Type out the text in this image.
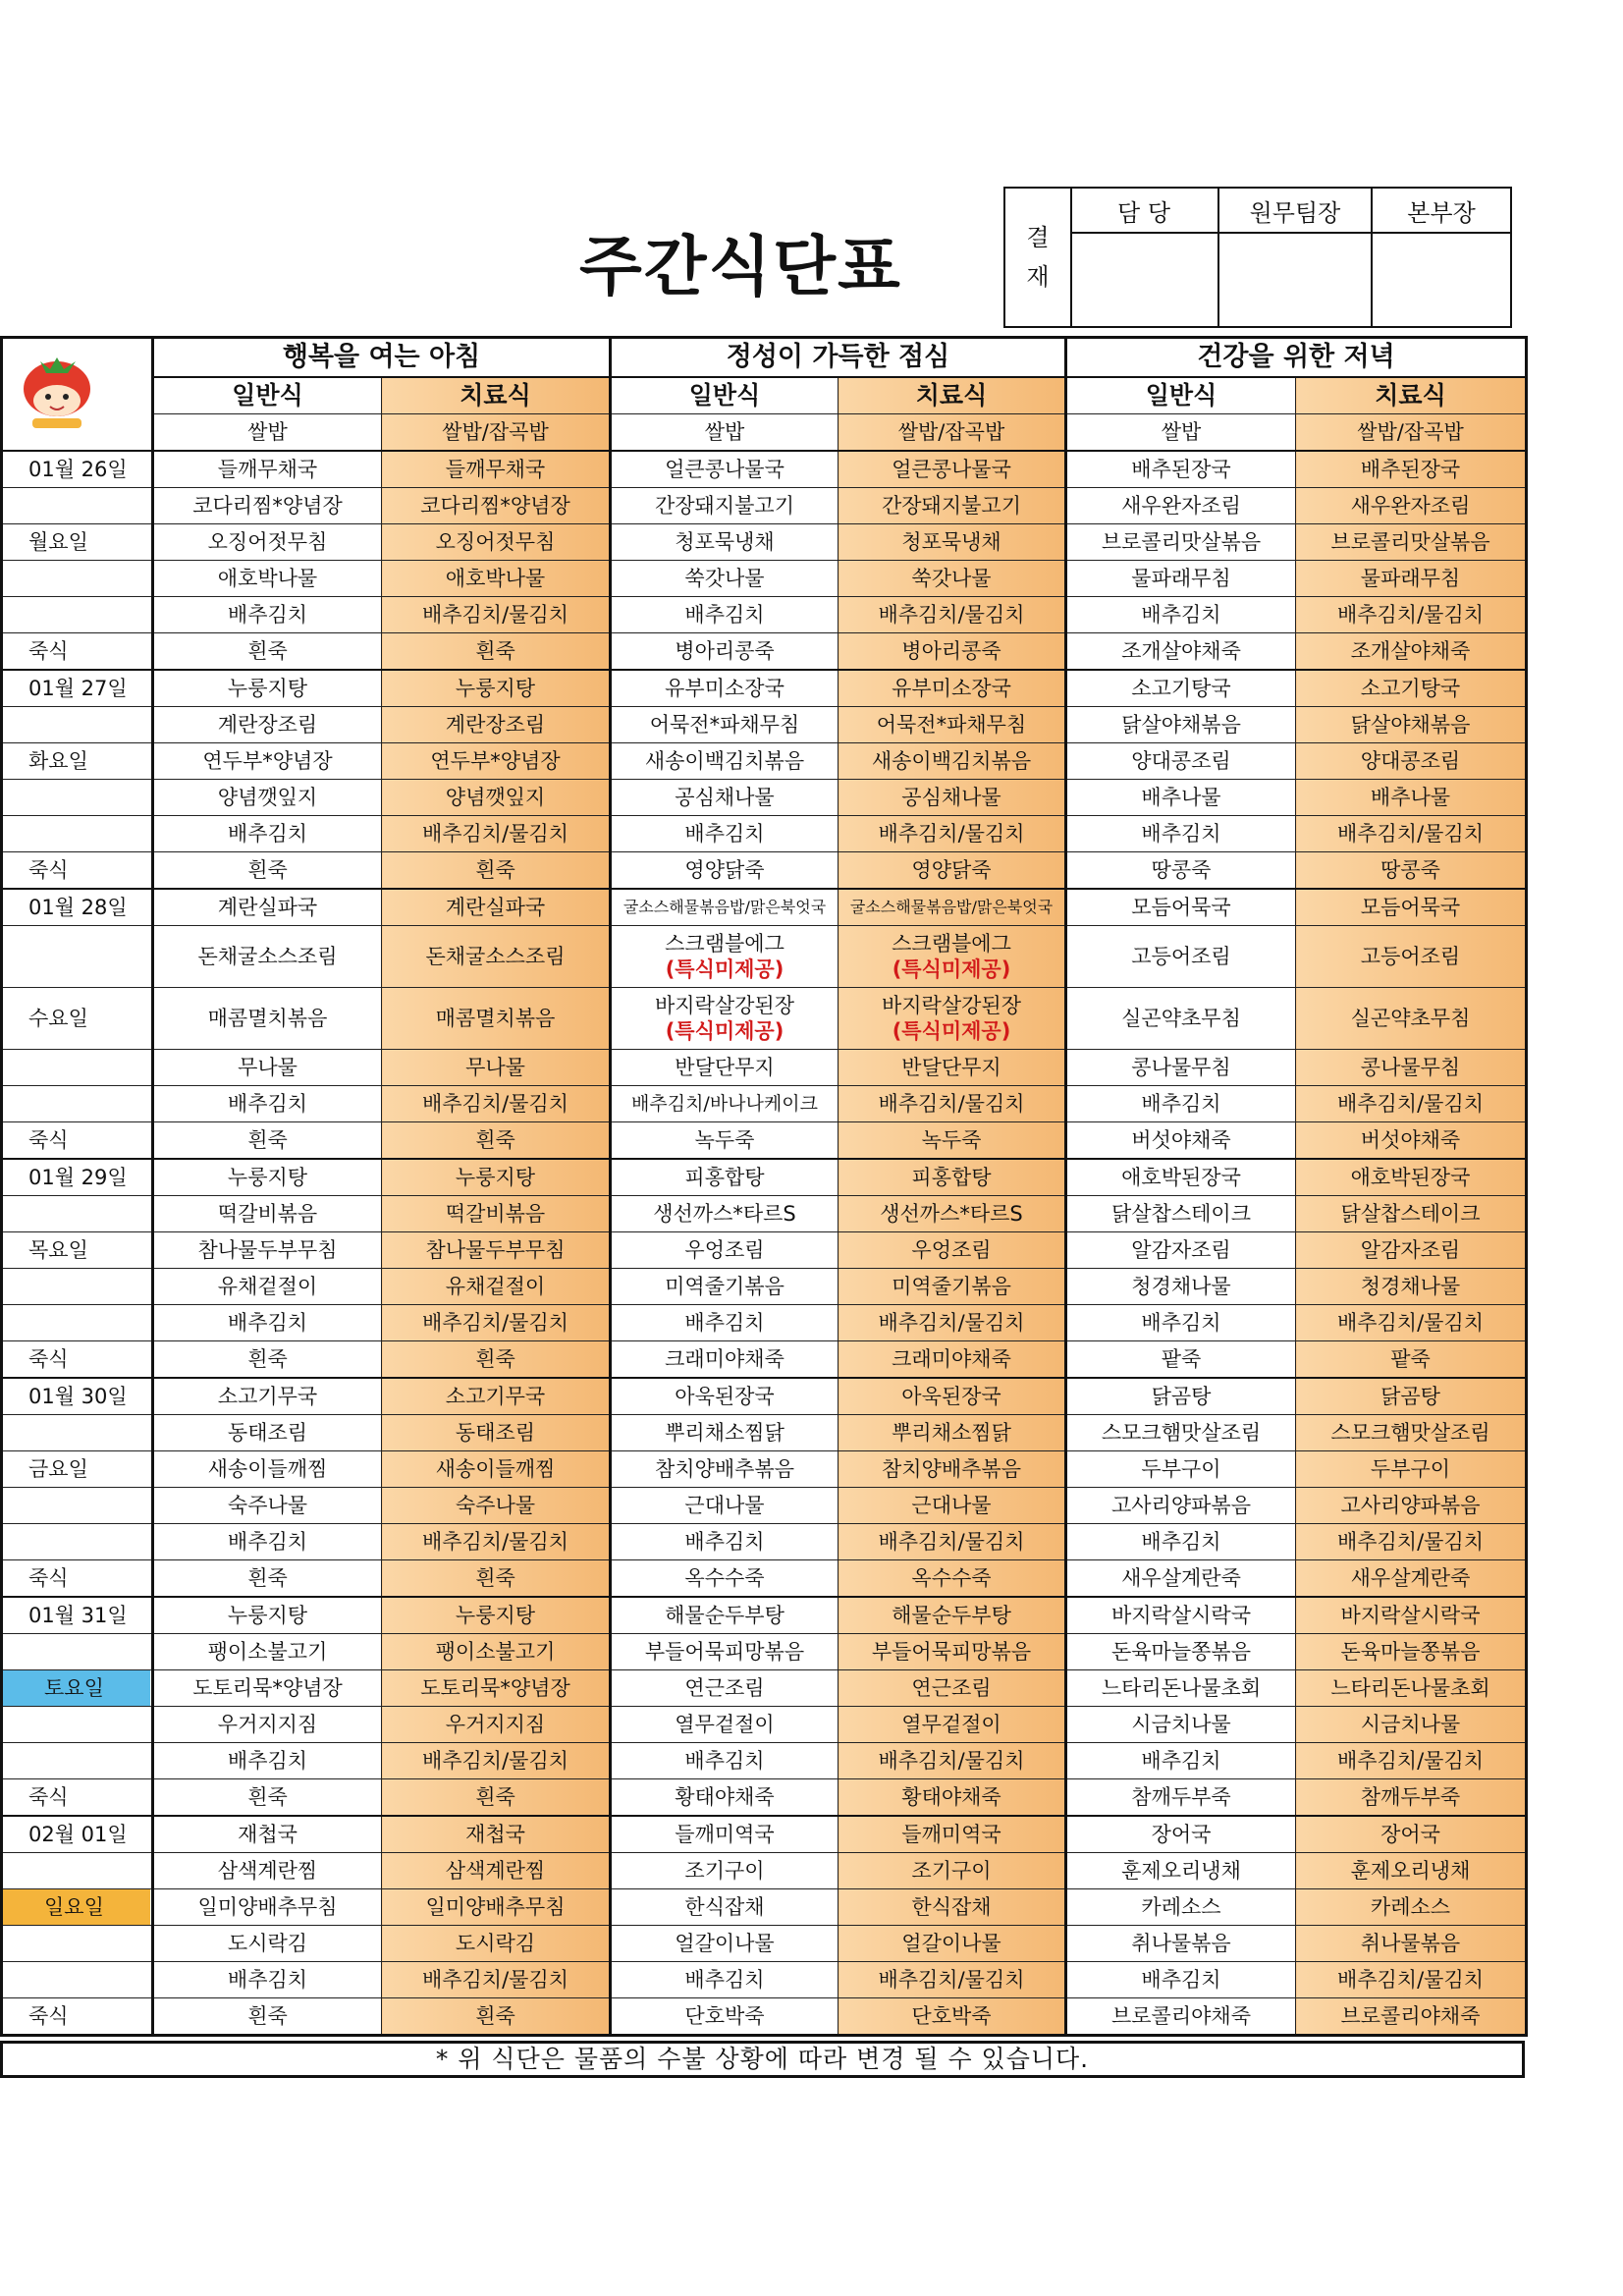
주간식단표	결
재
담 당	원무팀장	본부장
	행복을 여는 아침		정성이 가득한 점심		건강을 위한 저녁	
	일반식	치료식	일반식	치료식	일반식	치료식
	쌀밥	쌀밥/잡곡밥	쌀밥	쌀밥/잡곡밥	쌀밥	쌀밥/잡곡밥
01월 26일	들깨무채국	들깨무채국	얼큰콩나물국	얼큰콩나물국	배추된장국	배추된장국
	코다리찜*양념장	코다리찜*양념장	간장돼지불고기	간장돼지불고기	새우완자조림	새우완자조림
월요일	오징어젓무침	오징어젓무침	청포묵냉채	청포묵냉채	브로콜리맛살볶음	브로콜리맛살볶음
	애호박나물	애호박나물	쑥갓나물	쑥갓나물	물파래무침	물파래무침
	배추김치	배추김치/물김치	배추김치	배추김치/물김치	배추김치	배추김치/물김치
죽식	흰죽	흰죽	병아리콩죽	병아리콩죽	조개살야채죽	조개살야채죽
01월 27일	누룽지탕	누룽지탕	유부미소장국	유부미소장국	소고기탕국	소고기탕국
	계란장조림	계란장조림	어묵전*파채무침	어묵전*파채무침	닭살야채볶음	닭살야채볶음
화요일	연두부*양념장	연두부*양념장	새송이백김치볶음	새송이백김치볶음	양대콩조림	양대콩조림
	양념깻잎지	양념깻잎지	공심채나물	공심채나물	배추나물	배추나물
	배추김치	배추김치/물김치	배추김치	배추김치/물김치	배추김치	배추김치/물김치
죽식	흰죽	흰죽	영양닭죽	영양닭죽	땅콩죽	땅콩죽
01월 28일	계란실파국	계란실파국	굴소스해물볶음밥/맑은북엇국	굴소스해물볶음밥/맑은북엇국	모듬어묵국	모듬어묵국
	돈채굴소스조림	돈채굴소스조림	스크램블에그
(특식미제공)	스크램블에그
(특식미제공)	고등어조림	고등어조림
수요일	매콤멸치볶음	매콤멸치볶음	바지락살강된장
(특식미제공)	바지락살강된장
(특식미제공)	실곤약초무침	실곤약초무침
	무나물	무나물	반달단무지	반달단무지	콩나물무침	콩나물무침
	배추김치	배추김치/물김치	배추김치/바나나케이크	배추김치/물김치	배추김치	배추김치/물김치
죽식	흰죽	흰죽	녹두죽	녹두죽	버섯야채죽	버섯야채죽
01월 29일	누룽지탕	누룽지탕	피홍합탕	피홍합탕	애호박된장국	애호박된장국
	떡갈비볶음	떡갈비볶음	생선까스*타르S	생선까스*타르S	닭살찹스테이크	닭살찹스테이크
목요일	참나물두부무침	참나물두부무침	우엉조림	우엉조림	알감자조림	알감자조림
	유채겉절이	유채겉절이	미역줄기볶음	미역줄기볶음	청경채나물	청경채나물
	배추김치	배추김치/물김치	배추김치	배추김치/물김치	배추김치	배추김치/물김치
죽식	흰죽	흰죽	크래미야채죽	크래미야채죽	팥죽	팥죽
01월 30일	소고기무국	소고기무국	아욱된장국	아욱된장국	닭곰탕	닭곰탕
	동태조림	동태조림	뿌리채소찜닭	뿌리채소찜닭	스모크햄맛살조림	스모크햄맛살조림
금요일	새송이들깨찜	새송이들깨찜	참치양배추볶음	참치양배추볶음	두부구이	두부구이
	숙주나물	숙주나물	근대나물	근대나물	고사리양파볶음	고사리양파볶음
	배추김치	배추김치/물김치	배추김치	배추김치/물김치	배추김치	배추김치/물김치
죽식	흰죽	흰죽	옥수수죽	옥수수죽	새우살계란죽	새우살계란죽
01월 31일	누룽지탕	누룽지탕	해물순두부탕	해물순두부탕	바지락살시락국	바지락살시락국
	팽이소불고기	팽이소불고기	부들어묵피망볶음	부들어묵피망볶음	돈육마늘쫑볶음	돈육마늘쫑볶음
토요일	도토리묵*양념장	도토리묵*양념장	연근조림	연근조림	느타리돈나물초회	느타리돈나물초회
	우거지지짐	우거지지짐	열무겉절이	열무겉절이	시금치나물	시금치나물
	배추김치	배추김치/물김치	배추김치	배추김치/물김치	배추김치	배추김치/물김치
죽식	흰죽	흰죽	황태야채죽	황태야채죽	참깨두부죽	참깨두부죽
02월 01일	재첩국	재첩국	들깨미역국	들깨미역국	장어국	장어국
	삼색계란찜	삼색계란찜	조기구이	조기구이	훈제오리냉채	훈제오리냉채
일요일	일미양배추무침	일미양배추무침	한식잡채	한식잡채	카레소스	카레소스
	도시락김	도시락김	얼갈이나물	얼갈이나물	취나물볶음	취나물볶음
	배추김치	배추김치/물김치	배추김치	배추김치/물김치	배추김치	배추김치/물김치
죽식	흰죽	흰죽	단호박죽	단호박죽	브로콜리야채죽	브로콜리야채죽
* 위 식단은 물품의 수불 상황에 따라 변경 될 수 있습니다.
